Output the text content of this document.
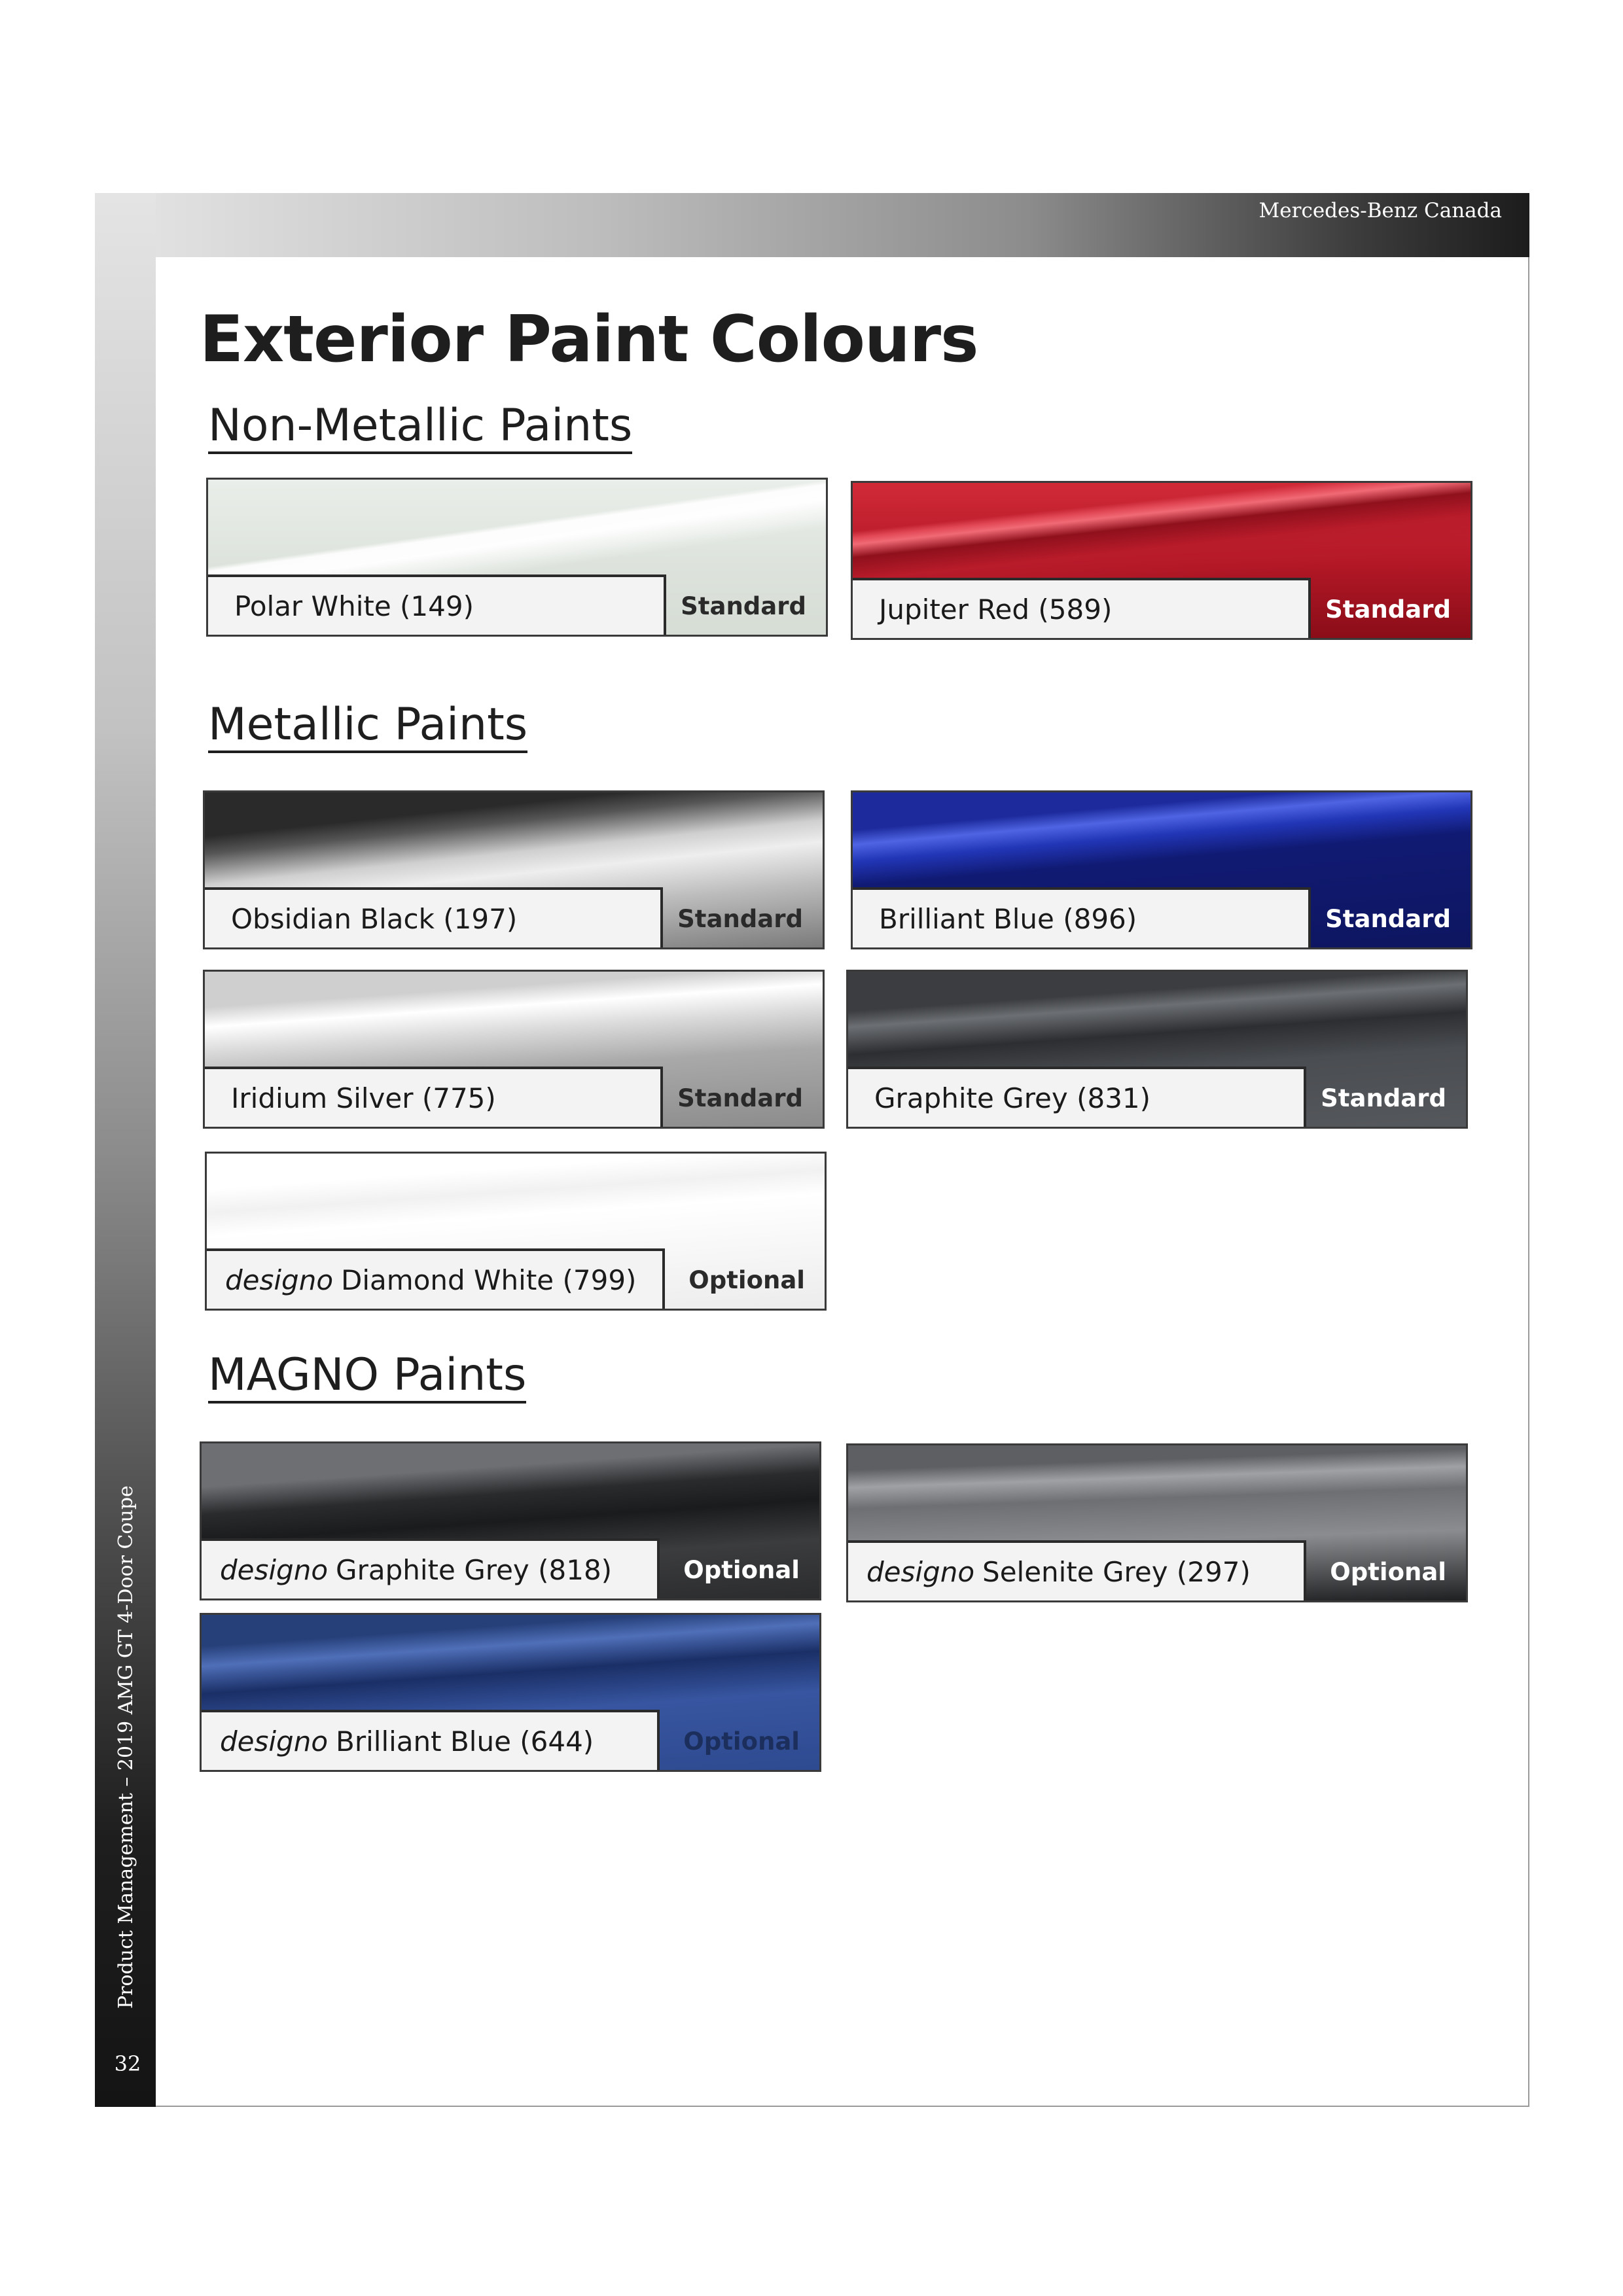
Mercedes-Benz Canada
Product Management – 2019 AMG GT 4-Door Coupe
32
Exterior Paint Colours
Non-Metallic Paints
Polar White (149)	Standard	Jupiter Red (589)	Standard
Metallic Paints
Obsidian Black (197)	Standard	Brilliant Blue (896)	Standard
Iridium Silver (775)	Standard	Graphite Grey (831)	Standard
designo Diamond White (799) Optional
MAGNO Paints
designo Graphite Grey (818)	Optional designo Selenite Grey (297)	Optional
designo Brilliant Blue (644)	Optional
